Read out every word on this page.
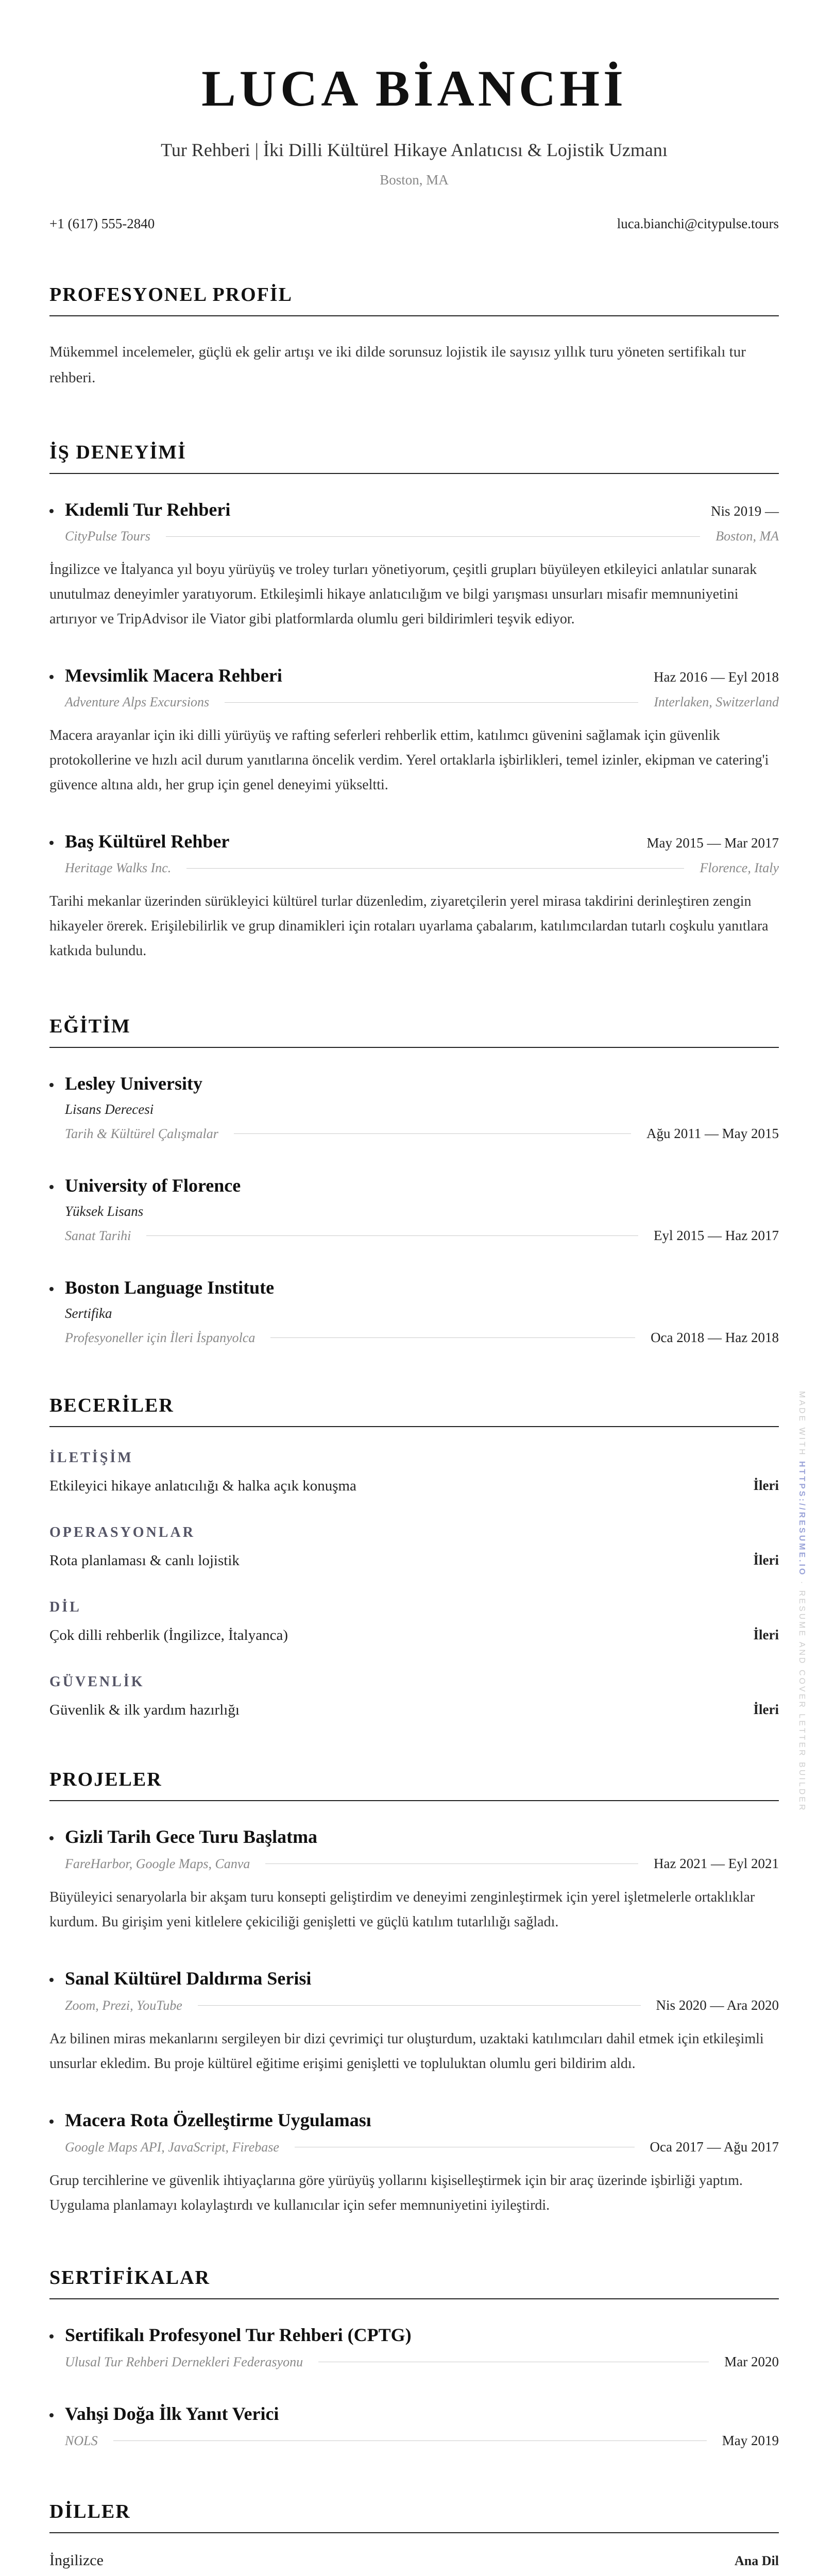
LUCA BİANCHİ
Tur Rehberi | İki Dilli Kültürel Hikaye Anlatıcısı & Lojistik Uzmanı
Boston, MA
+1 (617) 555-2840	luca.bianchi@citypulse.tours
PROFESYONEL PROFİL
Mükemmel incelemeler, güçlü ek gelir artışı ve iki dilde sorunsuz lojistik ile sayısız yıllık turu yöneten sertifikalı tur rehberi.
İŞ DENEYİMİ
Kıdemli Tur Rehberi	Nis 2019 —
CityPulse Tours	Boston, MA
İngilizce ve İtalyanca yıl boyu yürüyüş ve troley turları yönetiyorum, çeşitli grupları büyüleyen etkileyici anlatılar sunarak unutulmaz deneyimler yaratıyorum. Etkileşimli hikaye anlatıcılığım ve bilgi yarışması unsurları misafir memnuniyetini artırıyor ve TripAdvisor ile Viator gibi platformlarda olumlu geri bildirimleri teşvik ediyor.
Mevsimlik Macera Rehberi	Haz 2016 — Eyl 2018
Adventure Alps Excursions	Interlaken, Switzerland
Macera arayanlar için iki dilli yürüyüş ve rafting seferleri rehberlik ettim, katılımcı güvenini sağlamak için güvenlik protokollerine ve hızlı acil durum yanıtlarına öncelik verdim. Yerel ortaklarla işbirlikleri, temel izinler, ekipman ve catering'i güvence altına aldı, her grup için genel deneyimi yükseltti.
Baş Kültürel Rehber	May 2015 — Mar 2017
Heritage Walks Inc.	Florence, Italy
Tarihi mekanlar üzerinden sürükleyici kültürel turlar düzenledim, ziyaretçilerin yerel mirasa takdirini derinleştiren zengin hikayeler örerek. Erişilebilirlik ve grup dinamikleri için rotaları uyarlama çabalarım, katılımcılardan tutarlı coşkulu yanıtlara katkıda bulundu.
EĞİTİM
Lesley University
Lisans Derecesi
Tarih & Kültürel Çalışmalar	Ağu 2011 — May 2015
University of Florence
Yüksek Lisans
Sanat Tarihi	Eyl 2015 — Haz 2017
Boston Language Institute
Sertifika
Profesyoneller için İleri İspanyolca	Oca 2018 — Haz 2018
BECERİLER
İLETİŞİM
Etkileyici hikaye anlatıcılığı & halka açık konuşma	İleri
OPERASYONLAR
Rota planlaması & canlı lojistik	İleri
DİL
Çok dilli rehberlik (İngilizce, İtalyanca)	İleri
GÜVENLİK
Güvenlik & ilk yardım hazırlığı	İleri
PROJELER
Gizli Tarih Gece Turu Başlatma
FareHarbor, Google Maps, Canva	Haz 2021 — Eyl 2021
Büyüleyici senaryolarla bir akşam turu konsepti geliştirdim ve deneyimi zenginleştirmek için yerel işletmelerle ortaklıklar kurdum. Bu girişim yeni kitlelere çekiciliği genişletti ve güçlü katılım tutarlılığı sağladı.
Sanal Kültürel Daldırma Serisi
Zoom, Prezi, YouTube	Nis 2020 — Ara 2020
Az bilinen miras mekanlarını sergileyen bir dizi çevrimiçi tur oluşturdum, uzaktaki katılımcıları dahil etmek için etkileşimli unsurlar ekledim. Bu proje kültürel eğitime erişimi genişletti ve topluluktan olumlu geri bildirim aldı.
Macera Rota Özelleştirme Uygulaması
Google Maps API, JavaScript, Firebase	Oca 2017 — Ağu 2017
Grup tercihlerine ve güvenlik ihtiyaçlarına göre yürüyüş yollarını kişiselleştirmek için bir araç üzerinde işbirliği yaptım. Uygulama planlamayı kolaylaştırdı ve kullanıcılar için sefer memnuniyetini iyileştirdi.
SERTİFİKALAR
Sertifikalı Profesyonel Tur Rehberi (CPTG)
Ulusal Tur Rehberi Dernekleri Federasyonu	Mar 2020
Vahşi Doğa İlk Yanıt Verici
NOLS	May 2019
DİLLER
İngilizce	Ana Dil
MADE WITH HTTPS://RESUME.IO · RESUME AND COVER LETTER BUILDER
